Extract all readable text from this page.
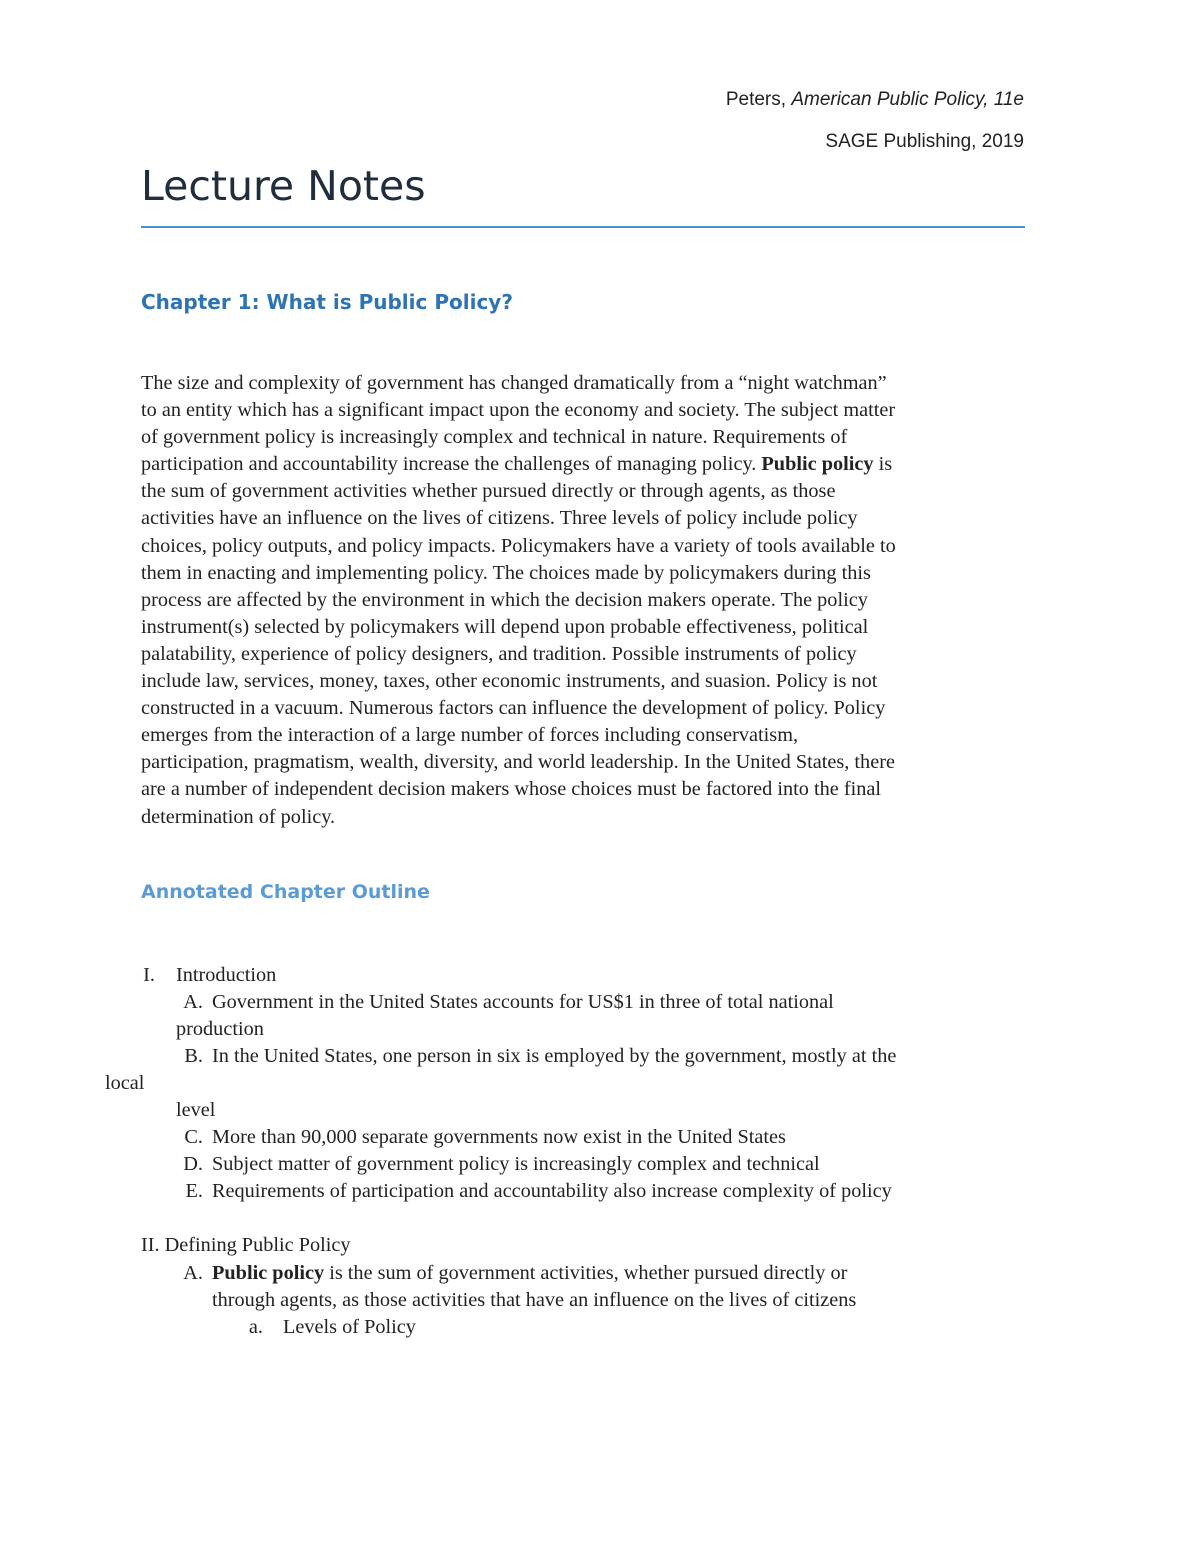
Peters, American Public Policy, 11e
SAGE Publishing, 2019
Lecture Notes
Chapter 1: What is Public Policy?
The size and complexity of government has changed dramatically from a “night watchman”
to an entity which has a significant impact upon the economy and society. The subject matter
of government policy is increasingly complex and technical in nature. Requirements of
participation and accountability increase the challenges of managing policy. Public policy is
the sum of government activities whether pursued directly or through agents, as those
activities have an influence on the lives of citizens. Three levels of policy include policy
choices, policy outputs, and policy impacts. Policymakers have a variety of tools available to
them in enacting and implementing policy. The choices made by policymakers during this
process are affected by the environment in which the decision makers operate. The policy
instrument(s) selected by policymakers will depend upon probable effectiveness, political
palatability, experience of policy designers, and tradition. Possible instruments of policy
include law, services, money, taxes, other economic instruments, and suasion. Policy is not
constructed in a vacuum. Numerous factors can influence the development of policy. Policy
emerges from the interaction of a large number of forces including conservatism,
participation, pragmatism, wealth, diversity, and world leadership. In the United States, there
are a number of independent decision makers whose choices must be factored into the final
determination of policy.
Annotated Chapter Outline
I. Introduction
A. Government in the United States accounts for US$1 in three of total national
production
B. In the United States, one person in six is employed by the government, mostly at the
local
level
C. More than 90,000 separate governments now exist in the United States
D. Subject matter of government policy is increasingly complex and technical
E. Requirements of participation and accountability also increase complexity of policy
II. Defining Public Policy
A. Public policy is the sum of government activities, whether pursued directly or
through agents, as those activities that have an influence on the lives of citizens
a. Levels of Policy
